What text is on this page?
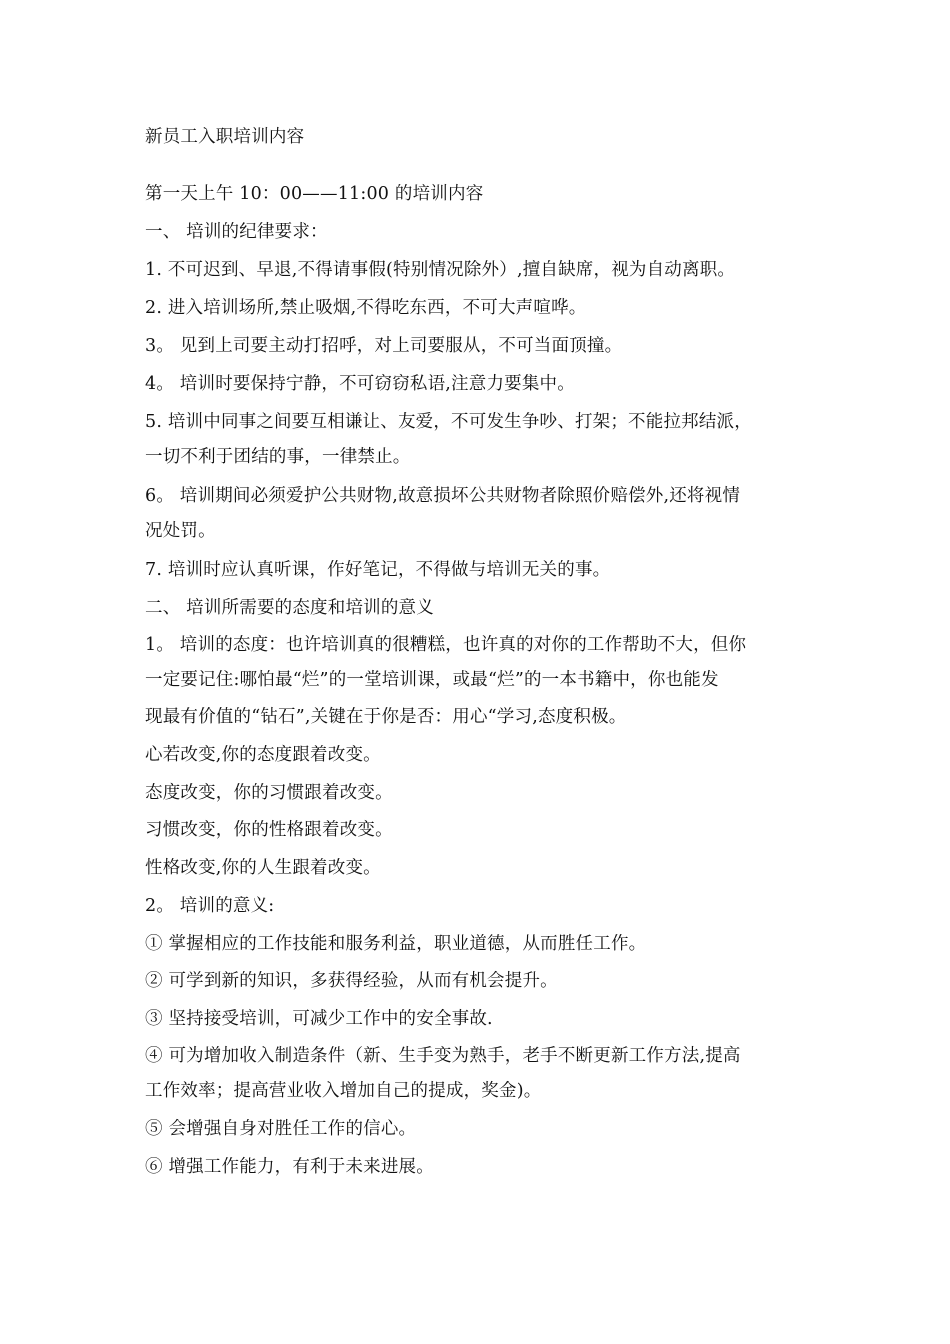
新员工入职培训内容
第一天上午 10：00——11:00 的培训内容
一、 培训的纪律要求：
1. 不可迟到、早退,不得请事假(特别情况除外）,擅自缺席，视为自动离职。
2. 进入培训场所,禁止吸烟,不得吃东西，不可大声喧哗。
3。 见到上司要主动打招呼，对上司要服从，不可当面顶撞。
4。 培训时要保持宁静，不可窃窃私语,注意力要集中。
5. 培训中同事之间要互相谦让、友爱，不可发生争吵、打架；不能拉邦结派，
一切不利于团结的事，一律禁止。
6。 培训期间必须爱护公共财物,故意损坏公共财物者除照价赔偿外,还将视情
况处罚。
7. 培训时应认真听课，作好笔记，不得做与培训无关的事。
二、 培训所需要的态度和培训的意义
1。 培训的态度：也许培训真的很糟糕，也许真的对你的工作帮助不大，但你
一定要记住:哪怕最“烂”的一堂培训课，或最“烂”的一本书籍中，你也能发
现最有价值的“钻石”,关键在于你是否：用心“学习,态度积极。
心若改变,你的态度跟着改变。
态度改变，你的习惯跟着改变。
习惯改变，你的性格跟着改变。
性格改变,你的人生跟着改变。
2。 培训的意义:
① 掌握相应的工作技能和服务利益，职业道德，从而胜任工作。
② 可学到新的知识，多获得经验，从而有机会提升。
③ 坚持接受培训，可减少工作中的安全事故.
④ 可为增加收入制造条件（新、生手变为熟手，老手不断更新工作方法,提高
工作效率；提高营业收入增加自己的提成，奖金)。
⑤ 会增强自身对胜任工作的信心。
⑥ 增强工作能力，有利于未来进展。
